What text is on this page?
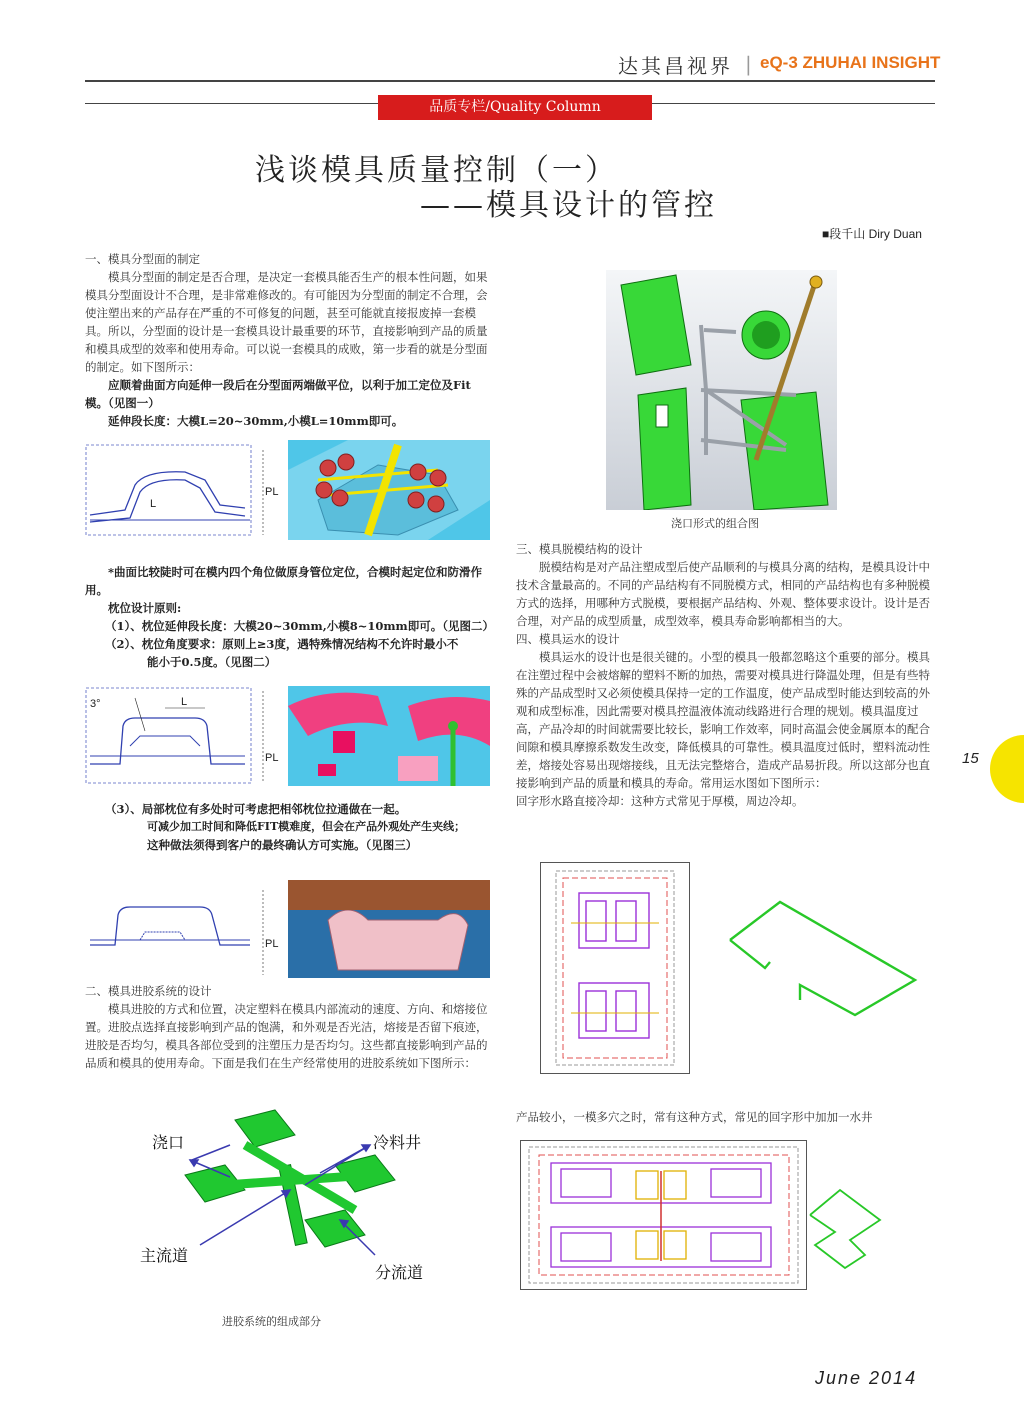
达其昌视界 | eQ-3 ZHUHAI INSIGHT
品质专栏/Quality Column
浅谈模具质量控制（一）
——模具设计的管控
■段千山 Diry Duan

一、模具分型面的制定

模具分型面的制定是否合理，是决定一套模具能否生产的根本性问题，如果模具分型面设计不合理，是非常难修改的。有可能因为分型面的制定不合理，会使注塑出来的产品存在严重的不可修复的问题，甚至可能就直接报废掉一套模具。所以，分型面的设计是一套模具设计最重要的环节，直接影响到产品的质量和模具成型的效率和使用寿命。可以说一套模具的成败，第一步看的就是分型面的制定。如下图所示：

应顺着曲面方向延伸一段后在分型面两端做平位，以利于加工定位及Fit模。（见图一）

延伸段长度：大模L=20~30mm,小模L=10mm即可。

L
PL

*曲面比较陡时可在模内四个角位做原身管位定位，合模时起定位和防滑作用。

枕位设计原则:

（1）、枕位延伸段长度：大模20~30mm,小模8~10mm即可。（见图二）

（2）、枕位角度要求：原则上≥3度，遇特殊情况结构不允许时最小不

能小于0.5度。（见图二）

3°	L
PL

（3）、局部枕位有多处时可考虑把相邻枕位拉通做在一起。

可减少加工时间和降低FIT模难度，但会在产品外观处产生夹线；

这种做法须得到客户的最终确认方可实施。（见图三）

PL

二、模具进胶系统的设计

模具进胶的方式和位置，决定塑料在模具内部流动的速度、方向、和熔接位置。进胶点选择直接影响到产品的饱满，和外观是否光洁，熔接是否留下痕迹，进胶是否均匀，模具各部位受到的注塑压力是否均匀。这些都直接影响到产品的品质和模具的使用寿命。下面是我们在生产经常使用的进胶系统如下图所示：

浇口	冷料井
主流道
分流道
进胶系统的组成部分
浇口形式的组合图

三、模具脱模结构的设计

脱模结构是对产品注塑成型后使产品顺利的与模具分离的结构，是模具设计中技术含量最高的。不同的产品结构有不同脱模方式，相同的产品结构也有多种脱模方式的选择，用哪种方式脱模，要根据产品结构、外观、整体要求设计。设计是否合理，对产品的成型质量，成型效率，模具寿命影响都相当的大。

四、模具运水的设计

模具运水的设计也是很关键的。小型的模具一般都忽略这个重要的部分。模具在注塑过程中会被熔解的塑料不断的加热，需要对模具进行降温处理，但是有些特殊的产品成型时又必须使模具保持一定的工作温度，使产品成型时能达到较高的外观和成型标准，因此需要对模具控温液体流动线路进行合理的规划。模具温度过高，产品冷却的时间就需要比较长，影响工作效率，同时高温会使金属原本的配合间隙和模具摩擦系数发生改变，降低模具的可靠性。模具温度过低时，塑料流动性差，熔接处容易出现熔接线，且无法完整熔合，造成产品易折段。所以这部分也直接影响到产品的质量和模具的寿命。常用运水图如下图所示：

回字形水路直接冷却：这种方式常见于厚模，周边冷却。

产品较小，一模多穴之时，常有这种方式，常见的回字形中加加一水井

15
June 2014
